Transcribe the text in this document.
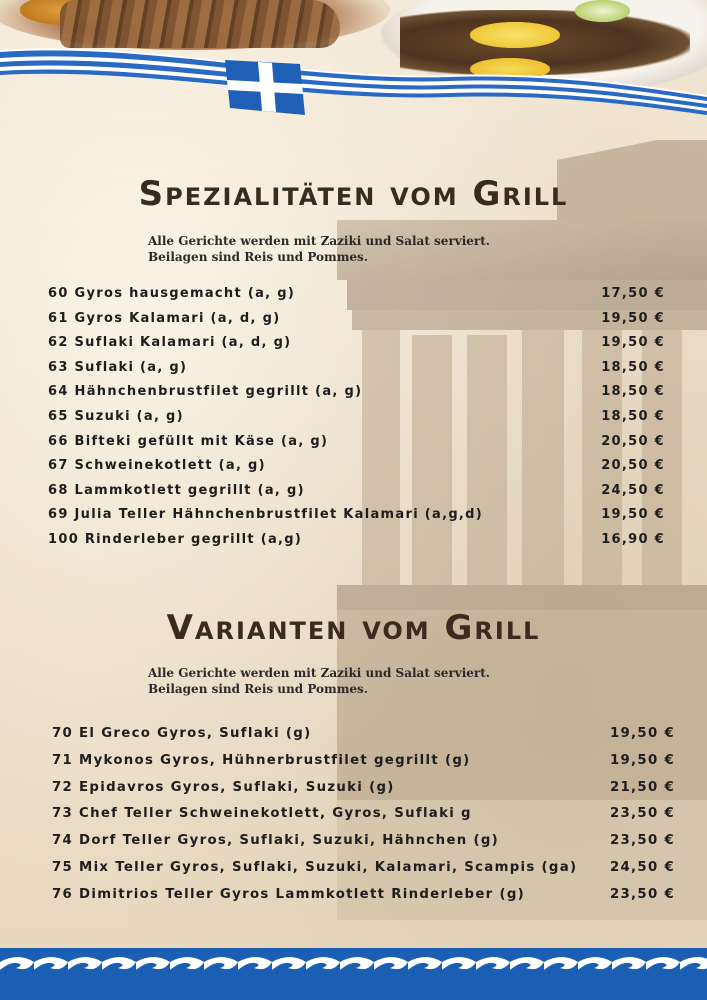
Spezialitäten vom Grill
Alle Gerichte werden mit Zaziki und Salat serviert.
Beilagen sind Reis und Pommes.
60 Gyros hausgemacht (a, g)	17,50 €
61 Gyros Kalamari (a, d, g)	19,50 €
62 Suflaki Kalamari (a, d, g)	19,50 €
63 Suflaki (a, g)	18,50 €
64 Hähnchenbrustfilet gegrillt (a, g)	18,50 €
65 Suzuki (a, g)	18,50 €
66 Bifteki gefüllt mit Käse (a, g)	20,50 €
67 Schweinekotlett (a, g)	20,50 €
68 Lammkotlett gegrillt (a, g)	24,50 €
69 Julia Teller Hähnchenbrustfilet Kalamari (a,g,d)	19,50 €
100 Rinderleber gegrillt (a,g)	16,90 €
Varianten vom Grill
Alle Gerichte werden mit Zaziki und Salat serviert.
Beilagen sind Reis und Pommes.
70 El Greco Gyros, Suflaki (g)	19,50 €
71 Mykonos Gyros, Hühnerbrustfilet gegrillt (g)	19,50 €
72 Epidavros Gyros, Suflaki, Suzuki (g)	21,50 €
73 Chef Teller Schweinekotlett, Gyros, Suflaki g	23,50 €
74 Dorf Teller Gyros, Suflaki, Suzuki, Hähnchen (g)	23,50 €
75 Mix Teller Gyros, Suflaki, Suzuki, Kalamari, Scampis (ga) 24,50 €
76 Dimitrios Teller Gyros Lammkotlett Rinderleber (g)	23,50 €
